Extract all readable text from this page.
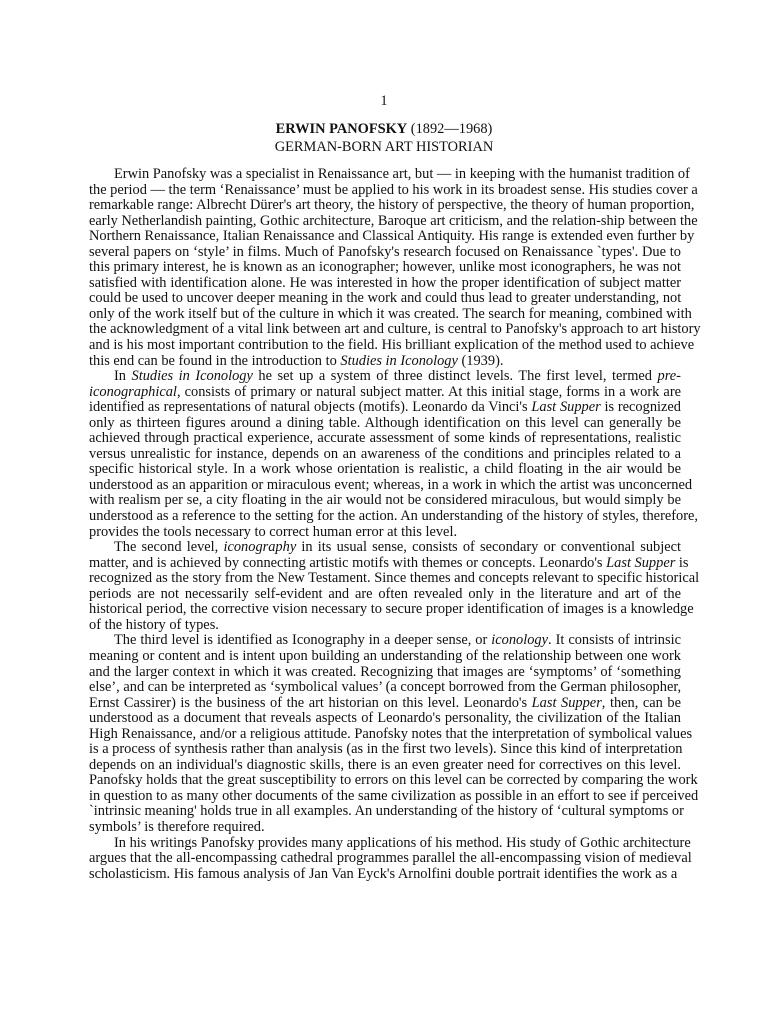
1
ERWIN PANOFSKY (1892—1968)
GERMAN-BORN ART HISTORIAN
Erwin Panofsky was a specialist in Renaissance art, but — in keeping with the humanist tradition of
the period — the term ‘Renaissance’ must be applied to his work in its broadest sense. His studies cover a
remarkable range: Albrecht Dürer's art theory, the history of perspective, the theory of human proportion,
early Netherlandish painting, Gothic architecture, Baroque art criticism, and the relation-ship between the
Northern Renaissance, Italian Renaissance and Classical Antiquity. His range is extended even further by
several papers on ‘style’ in films. Much of Panofsky's research focused on Renaissance `types'. Due to
this primary interest, he is known as an iconographer; however, unlike most iconographers, he was not
satisfied with identification alone. He was interested in how the proper identification of subject matter
could be used to uncover deeper meaning in the work and could thus lead to greater understanding, not
only of the work itself but of the culture in which it was created. The search for meaning, combined with
the acknowledgment of a vital link between art and culture, is central to Panofsky's approach to art history
and is his most important contribution to the field. His brilliant explication of the method used to achieve
this end can be found in the introduction to Studies in Iconology (1939).
In Studies in Iconology he set up a system of three distinct levels. The first level, termed pre-
iconographical, consists of primary or natural subject matter. At this initial stage, forms in a work are
identified as representations of natural objects (motifs). Leonardo da Vinci's Last Supper is recognized
only as thirteen figures around a dining table. Although identification on this level can generally be
achieved through practical experience, accurate assessment of some kinds of representations, realistic
versus unrealistic for instance, depends on an awareness of the conditions and principles related to a
specific historical style. In a work whose orientation is realistic, a child floating in the air would be
understood as an apparition or miraculous event; whereas, in a work in which the artist was unconcerned
with realism per se, a city floating in the air would not be considered miraculous, but would simply be
understood as a reference to the setting for the action. An understanding of the history of styles, therefore,
provides the tools necessary to correct human error at this level.
The second level, iconography in its usual sense, consists of secondary or conventional subject
matter, and is achieved by connecting artistic motifs with themes or concepts. Leonardo's Last Supper is
recognized as the story from the New Testament. Since themes and concepts relevant to specific historical
periods are not necessarily self-evident and are often revealed only in the literature and art of the
historical period, the corrective vision necessary to secure proper identification of images is a knowledge
of the history of types.
The third level is identified as Iconography in a deeper sense, or iconology. It consists of intrinsic
meaning or content and is intent upon building an understanding of the relationship between one work
and the larger context in which it was created. Recognizing that images are ‘symptoms’ of ‘something
else’, and can be interpreted as ‘symbolical values’ (a concept borrowed from the German philosopher,
Ernst Cassirer) is the business of the art historian on this level. Leonardo's Last Supper, then, can be
understood as a document that reveals aspects of Leonardo's personality, the civilization of the Italian
High Renaissance, and/or a religious attitude. Panofsky notes that the interpretation of symbolical values
is a process of synthesis rather than analysis (as in the first two levels). Since this kind of interpretation
depends on an individual's diagnostic skills, there is an even greater need for correctives on this level.
Panofsky holds that the great susceptibility to errors on this level can be corrected by comparing the work
in question to as many other documents of the same civilization as possible in an effort to see if perceived
`intrinsic meaning' holds true in all examples. An understanding of the history of ‘cultural symptoms or
symbols’ is therefore required.
In his writings Panofsky provides many applications of his method. His study of Gothic architecture
argues that the all-encompassing cathedral programmes parallel the all-encompassing vision of medieval
scholasticism. His famous analysis of Jan Van Eyck's Arnolfini double portrait identifies the work as a
